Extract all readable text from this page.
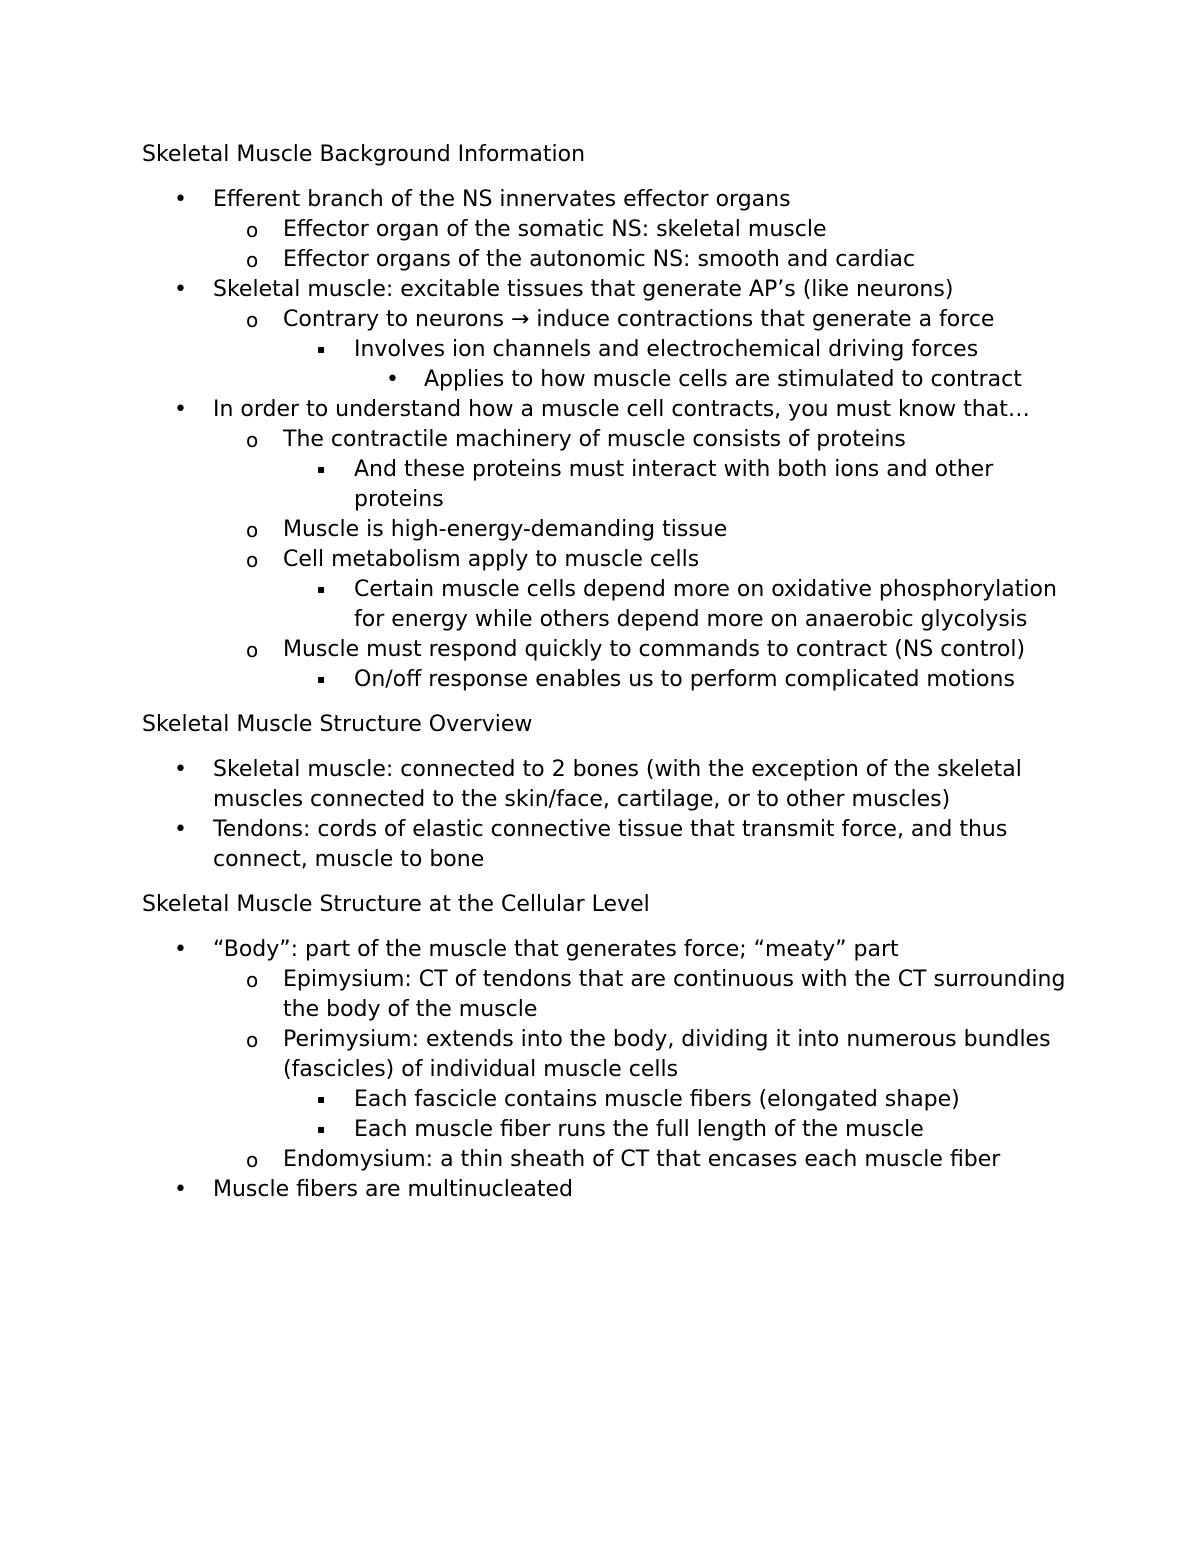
Skeletal Muscle Background Information
• Efferent branch of the NS innervates effector organs
o Effector organ of the somatic NS: skeletal muscle
o Effector organs of the autonomic NS: smooth and cardiac
• Skeletal muscle: excitable tissues that generate AP’s (like neurons)
o Contrary to neurons → induce contractions that generate a force
▪ Involves ion channels and electrochemical driving forces
• Applies to how muscle cells are stimulated to contract
• In order to understand how a muscle cell contracts, you must know that…
o The contractile machinery of muscle consists of proteins
▪ And these proteins must interact with both ions and other proteins
o Muscle is high-energy-demanding tissue
o Cell metabolism apply to muscle cells
▪ Certain muscle cells depend more on oxidative phosphorylation for energy while others depend more on anaerobic glycolysis
o Muscle must respond quickly to commands to contract (NS control)
▪ On/off response enables us to perform complicated motions
Skeletal Muscle Structure Overview
• Skeletal muscle: connected to 2 bones (with the exception of the skeletal muscles connected to the skin/face, cartilage, or to other muscles)
• Tendons: cords of elastic connective tissue that transmit force, and thus connect, muscle to bone
Skeletal Muscle Structure at the Cellular Level
• “Body”: part of the muscle that generates force; “meaty” part
o Epimysium: CT of tendons that are continuous with the CT surrounding the body of the muscle
o Perimysium: extends into the body, dividing it into numerous bundles (fascicles) of individual muscle cells
▪ Each fascicle contains muscle fibers (elongated shape)
▪ Each muscle fiber runs the full length of the muscle
o Endomysium: a thin sheath of CT that encases each muscle fiber
• Muscle fibers are multinucleated
